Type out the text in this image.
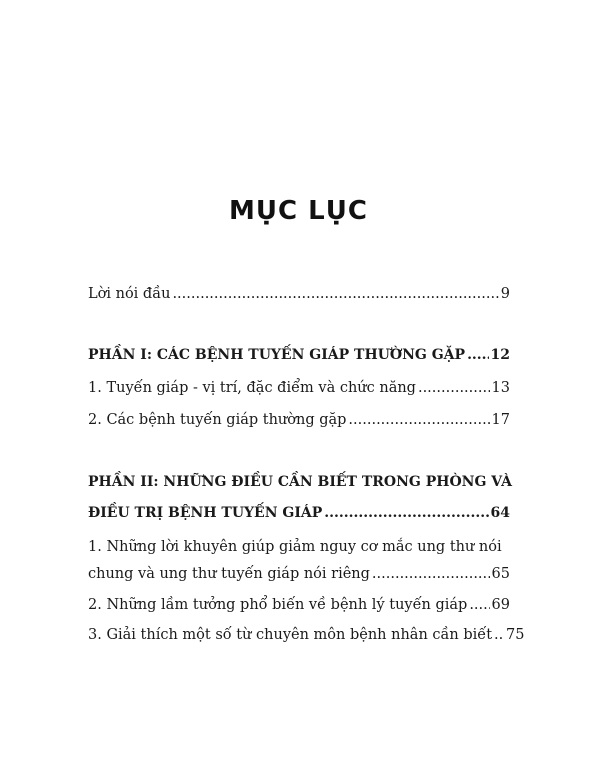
MỤC LỤC
Lời nói đầu .....	9
PHẦN I: CÁC BỆNH TUYẾN GIÁP THƯỜNG GẶP ..... 12
1. Tuyến giáp - vị trí, đặc điểm và chức năng .....	13
2. Các bệnh tuyến giáp thường gặp .....	17
PHẦN II: NHỮNG ĐIỀU CẦN BIẾT TRONG PHÒNG VÀ
ĐIỀU TRỊ BỆNH TUYẾN GIÁP .....	64
1. Những lời khuyên giúp giảm nguy cơ mắc ung thư nói
chung và ung thư tuyến giáp nói riêng .....	65
2. Những lầm tưởng phổ biến về bệnh lý tuyến giáp ..... 69
3. Giải thích một số từ chuyên môn bệnh nhân cần biết ..... 75
